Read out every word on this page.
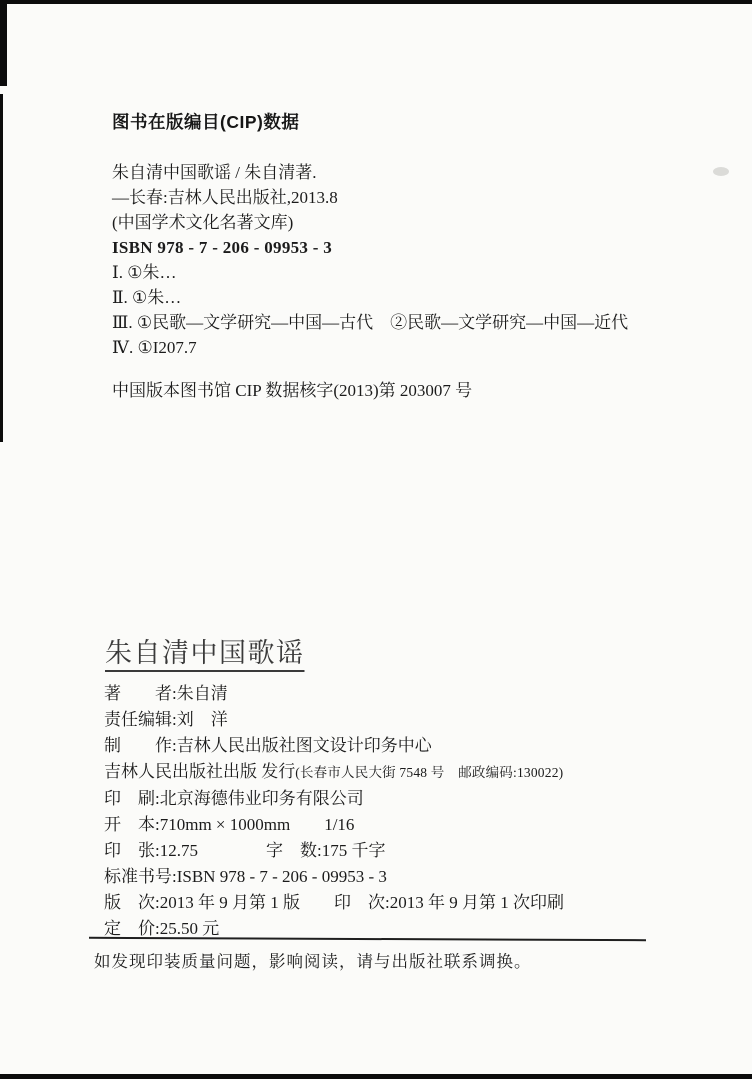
图书在版编目(CIP)数据

朱自清中国歌谣 / 朱自清著.

—长春:吉林人民出版社,2013.8

(中国学术文化名著文库)

ISBN 978 - 7 - 206 - 09953 - 3

Ⅰ. ①朱…

Ⅱ. ①朱…

Ⅲ. ①民歌—文学研究—中国—古代　②民歌—文学研究—中国—近代

Ⅳ. ①I207.7

中国版本图书馆 CIP 数据核字(2013)第 203007 号

朱自清中国歌谣

著　　者:朱自清

责任编辑:刘　洋

制　　作:吉林人民出版社图文设计印务中心

吉林人民出版社出版 发行(长春市人民大街 7548 号　邮政编码:130022)

印　刷:北京海德伟业印务有限公司

开　本:710mm × 1000mm　　1/16

印　张:12.75　　　　字　数:175 千字

标准书号:ISBN 978 - 7 - 206 - 09953 - 3

版　次:2013 年 9 月第 1 版　　印　次:2013 年 9 月第 1 次印刷

定　价:25.50 元

如发现印装质量问题，影响阅读，请与出版社联系调换。
